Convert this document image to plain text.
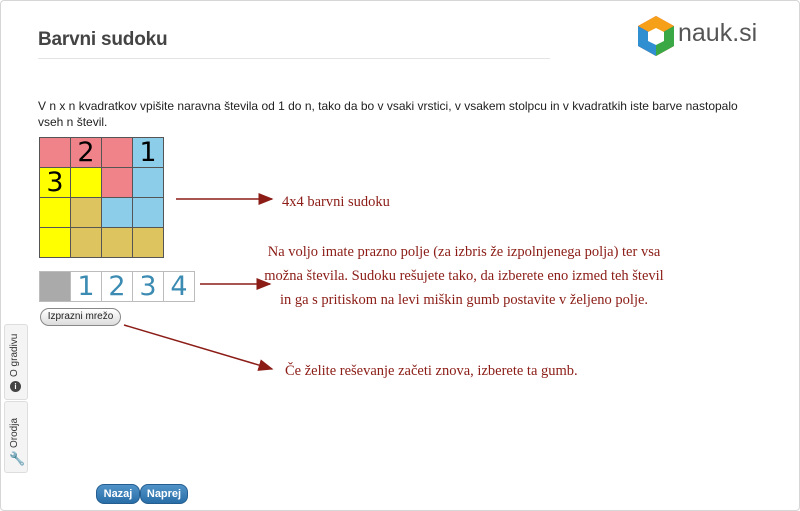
Barvni sudoku	nauk.si
V n x n kvadratkov vpišite naravna števila od 1 do n, tako da bo v vsaki vrstici, v vsakem stolpcu in v kvadratkih iste barve nastopalo vseh n števil.
	2		1
3			

1 2 3 4
Izprazni mrežo
4x4 barvni sudoku
Na voljo imate prazno polje (za izbris že izpolnjenega polja) ter vsa možna števila. Sudoku rešujete tako, da izberete eno izmed teh števil in ga s pritiskom na levi miškin gumb postavite v željeno polje.
Če želite reševanje začeti znova, izberete ta gumb.
O gradivu
i
Orodja
🔧
Nazaj	Naprej
